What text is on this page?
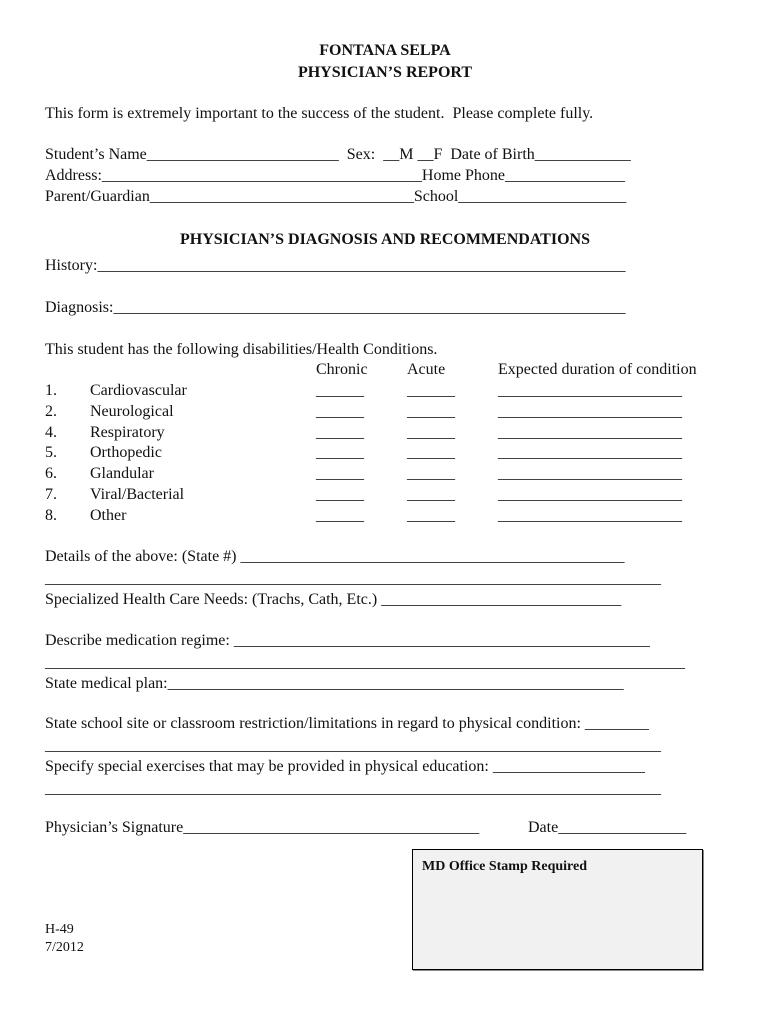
FONTANA SELPA
PHYSICIAN’S REPORT
This form is extremely important to the success of the student.  Please complete fully.
Student’s Name________________________  Sex:  __M __F  Date of Birth____________
Address:________________________________________Home Phone_______________
Parent/Guardian_________________________________School_____________________
PHYSICIAN’S DIAGNOSIS AND RECOMMENDATIONS
History:__________________________________________________________________
Diagnosis:________________________________________________________________
This student has the following disabilities/Health Conditions.
Chronic Acute	Expected duration of condition
1. Cardiovascular	______	______	_______________________
2. Neurological	______	______	_______________________
4. Respiratory	______	______	_______________________
5. Orthopedic	______	______	_______________________
6. Glandular	______	______	_______________________
7. Viral/Bacterial	______	______	_______________________
8. Other	______	______	_______________________
Details of the above: (State #) ________________________________________________
_____________________________________________________________________________
Specialized Health Care Needs: (Trachs, Cath, Etc.) ______________________________
Describe medication regime: ____________________________________________________
________________________________________________________________________________
State medical plan:_________________________________________________________
State school site or classroom restriction/limitations in regard to physical condition: ________
_____________________________________________________________________________
Specify special exercises that may be provided in physical education: ___________________
_____________________________________________________________________________
Physician’s Signature_____________________________________	Date________________
MD Office Stamp Required
H-49
7/2012
